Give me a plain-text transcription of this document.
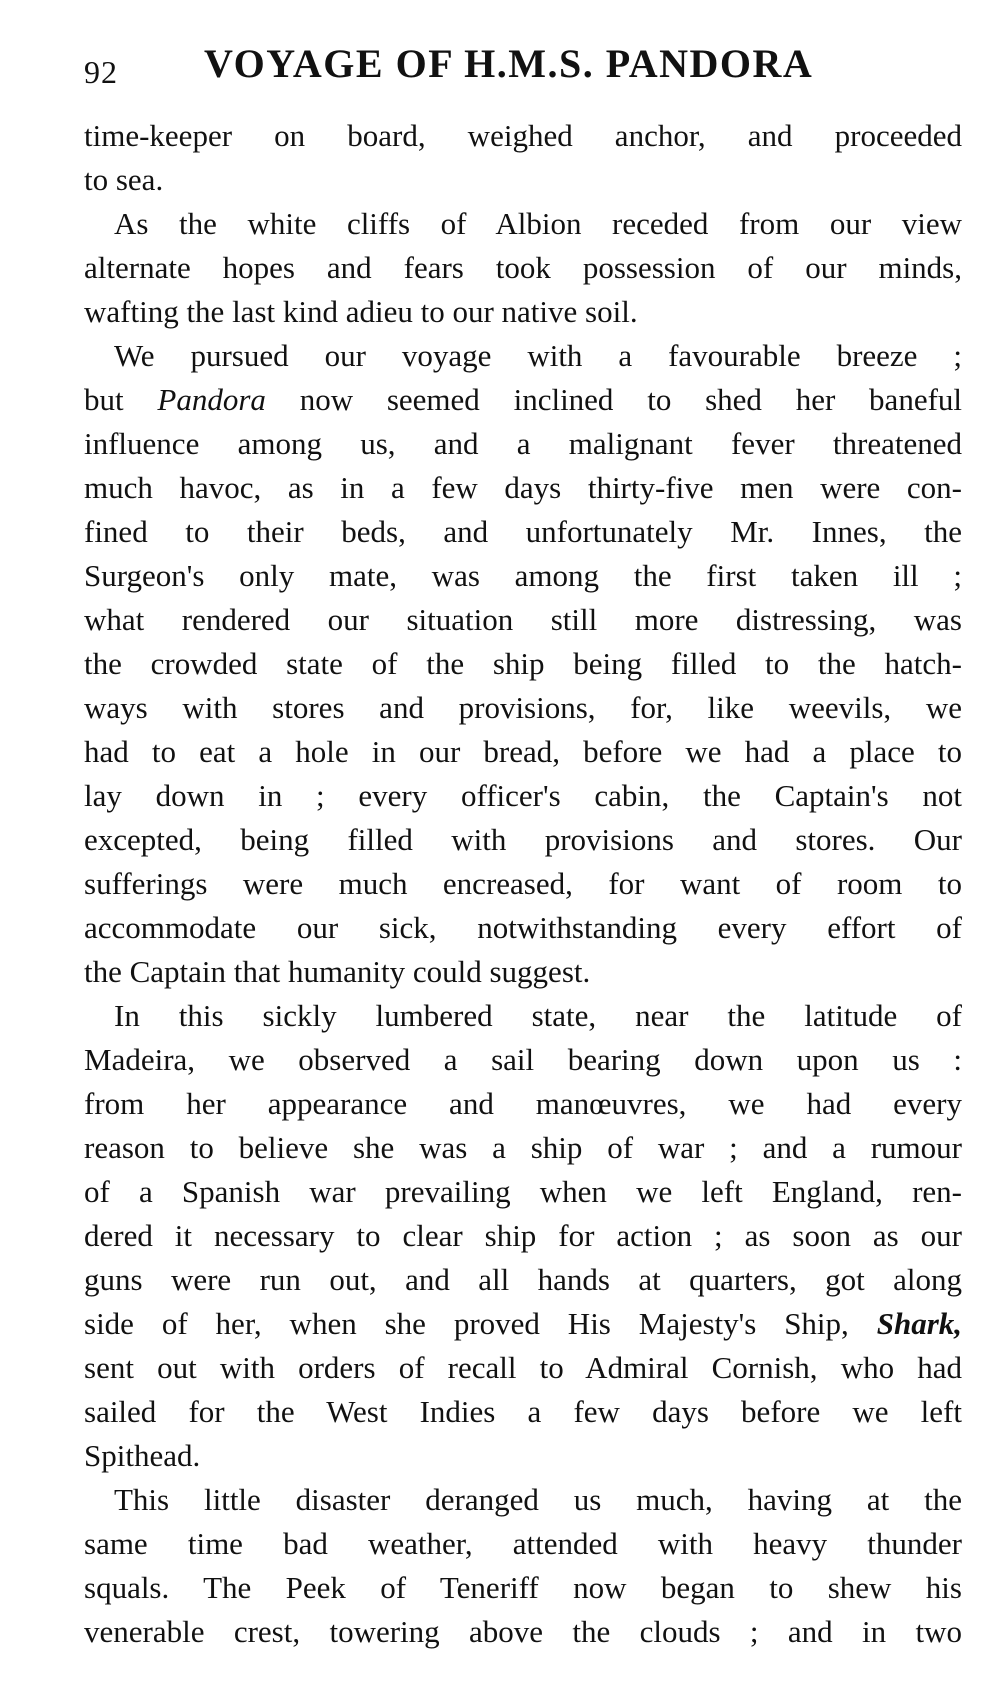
92 VOYAGE OF H.M.S. PANDORA

time-keeper on board, weighed anchor, and proceeded
to sea.

As the white cliffs of Albion receded from our view
alternate hopes and fears took possession of our minds,
wafting the last kind adieu to our native soil.

We pursued our voyage with a favourable breeze ;
but Pandora now seemed inclined to shed her baneful
influence among us, and a malignant fever threatened
much havoc, as in a few days thirty-five men were con-
fined to their beds, and unfortunately Mr. Innes, the
Surgeon's only mate, was among the first taken ill ;
what rendered our situation still more distressing, was
the crowded state of the ship being filled to the hatch-
ways with stores and provisions, for, like weevils, we
had to eat a hole in our bread, before we had a place to
lay down in ; every officer's cabin, the Captain's not
excepted, being filled with provisions and stores. Our
sufferings were much encreased, for want of room to
accommodate our sick, notwithstanding every effort of
the Captain that humanity could suggest.

In this sickly lumbered state, near the latitude of
Madeira, we observed a sail bearing down upon us :
from her appearance and manœuvres, we had every
reason to believe she was a ship of war ; and a rumour
of a Spanish war prevailing when we left England, ren-
dered it necessary to clear ship for action ; as soon as our
guns were run out, and all hands at quarters, got along
side of her, when she proved His Majesty's Ship, Shark,
sent out with orders of recall to Admiral Cornish, who had
sailed for the West Indies a few days before we left
Spithead.

This little disaster deranged us much, having at the
same time bad weather, attended with heavy thunder
squals. The Peek of Teneriff now began to shew his
venerable crest, towering above the clouds ; and in two
